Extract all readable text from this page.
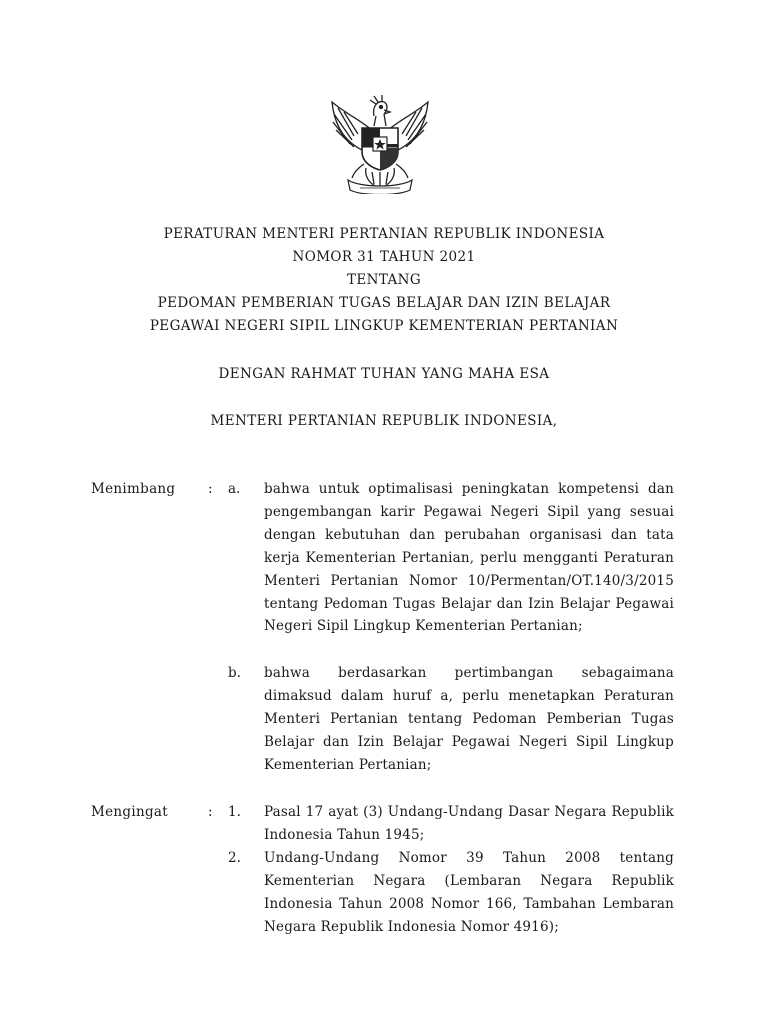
PERATURAN MENTERI PERTANIAN REPUBLIK INDONESIA
NOMOR 31 TAHUN 2021
TENTANG
PEDOMAN PEMBERIAN TUGAS BELAJAR DAN IZIN BELAJAR
PEGAWAI NEGERI SIPIL LINGKUP KEMENTERIAN PERTANIAN
DENGAN RAHMAT TUHAN YANG MAHA ESA
MENTERI PERTANIAN REPUBLIK INDONESIA,
Menimbang : a.	bahwa untuk optimalisasi peningkatan kompetensi dan pengembangan karir Pegawai Negeri Sipil yang sesuai dengan kebutuhan dan perubahan organisasi dan tata kerja Kementerian Pertanian, perlu mengganti Peraturan Menteri Pertanian Nomor 10/Permentan/OT.140/3/2015 tentang Pedoman Tugas Belajar dan Izin Belajar Pegawai Negeri Sipil Lingkup Kementerian Pertanian;
b.	bahwa berdasarkan pertimbangan sebagaimana dimaksud dalam huruf a, perlu menetapkan Peraturan Menteri Pertanian tentang Pedoman Pemberian Tugas Belajar dan Izin Belajar Pegawai Negeri Sipil Lingkup Kementerian Pertanian;
Mengingat	: 1.	Pasal 17 ayat (3) Undang-Undang Dasar Negara Republik Indonesia Tahun 1945;
2.	Undang-Undang Nomor 39 Tahun 2008 tentang Kementerian Negara (Lembaran Negara Republik Indonesia Tahun 2008 Nomor 166, Tambahan Lembaran Negara Republik Indonesia Nomor 4916);
